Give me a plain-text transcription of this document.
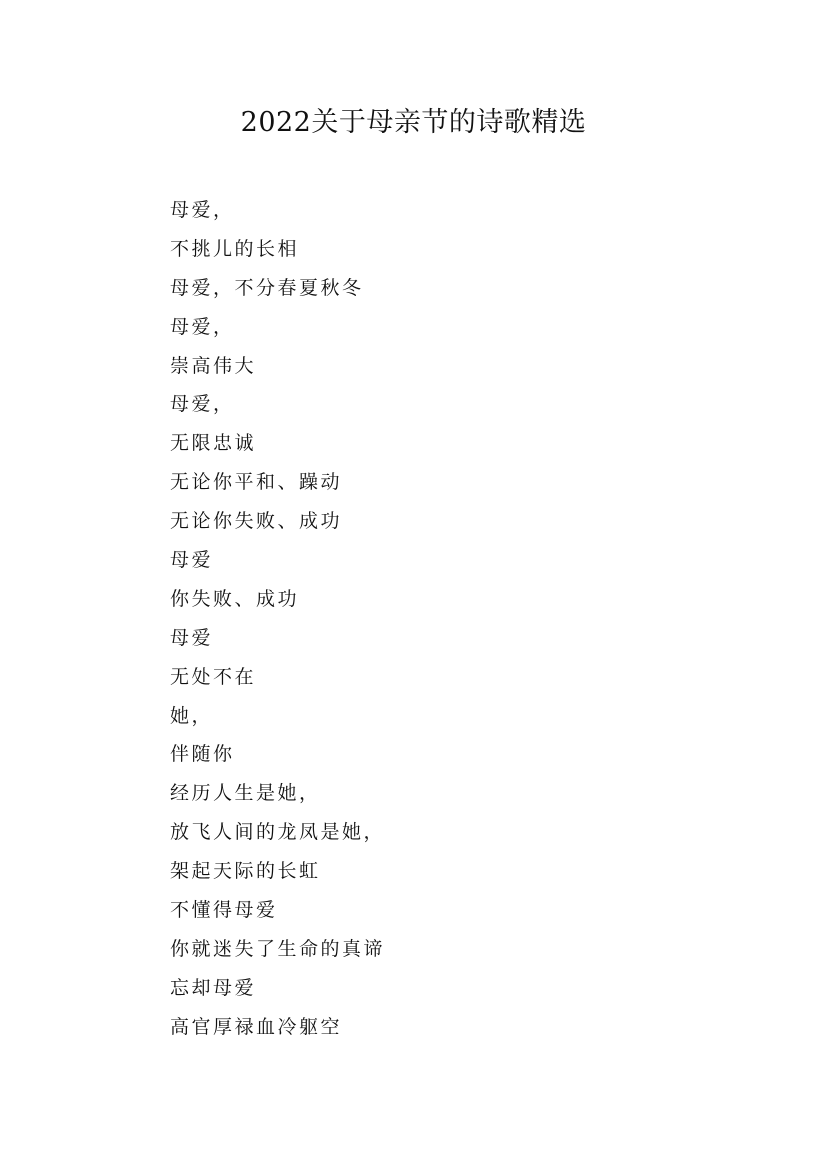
2022关于母亲节的诗歌精选
母爱，
不挑儿的长相
母爱，不分春夏秋冬
母爱，
崇高伟大
母爱，
无限忠诚
无论你平和、躁动
无论你失败、成功
母爱
你失败、成功
母爱
无处不在
她，
伴随你
经历人生是她，
放飞人间的龙凤是她，
架起天际的长虹
不懂得母爱
你就迷失了生命的真谛
忘却母爱
高官厚禄血冷躯空
